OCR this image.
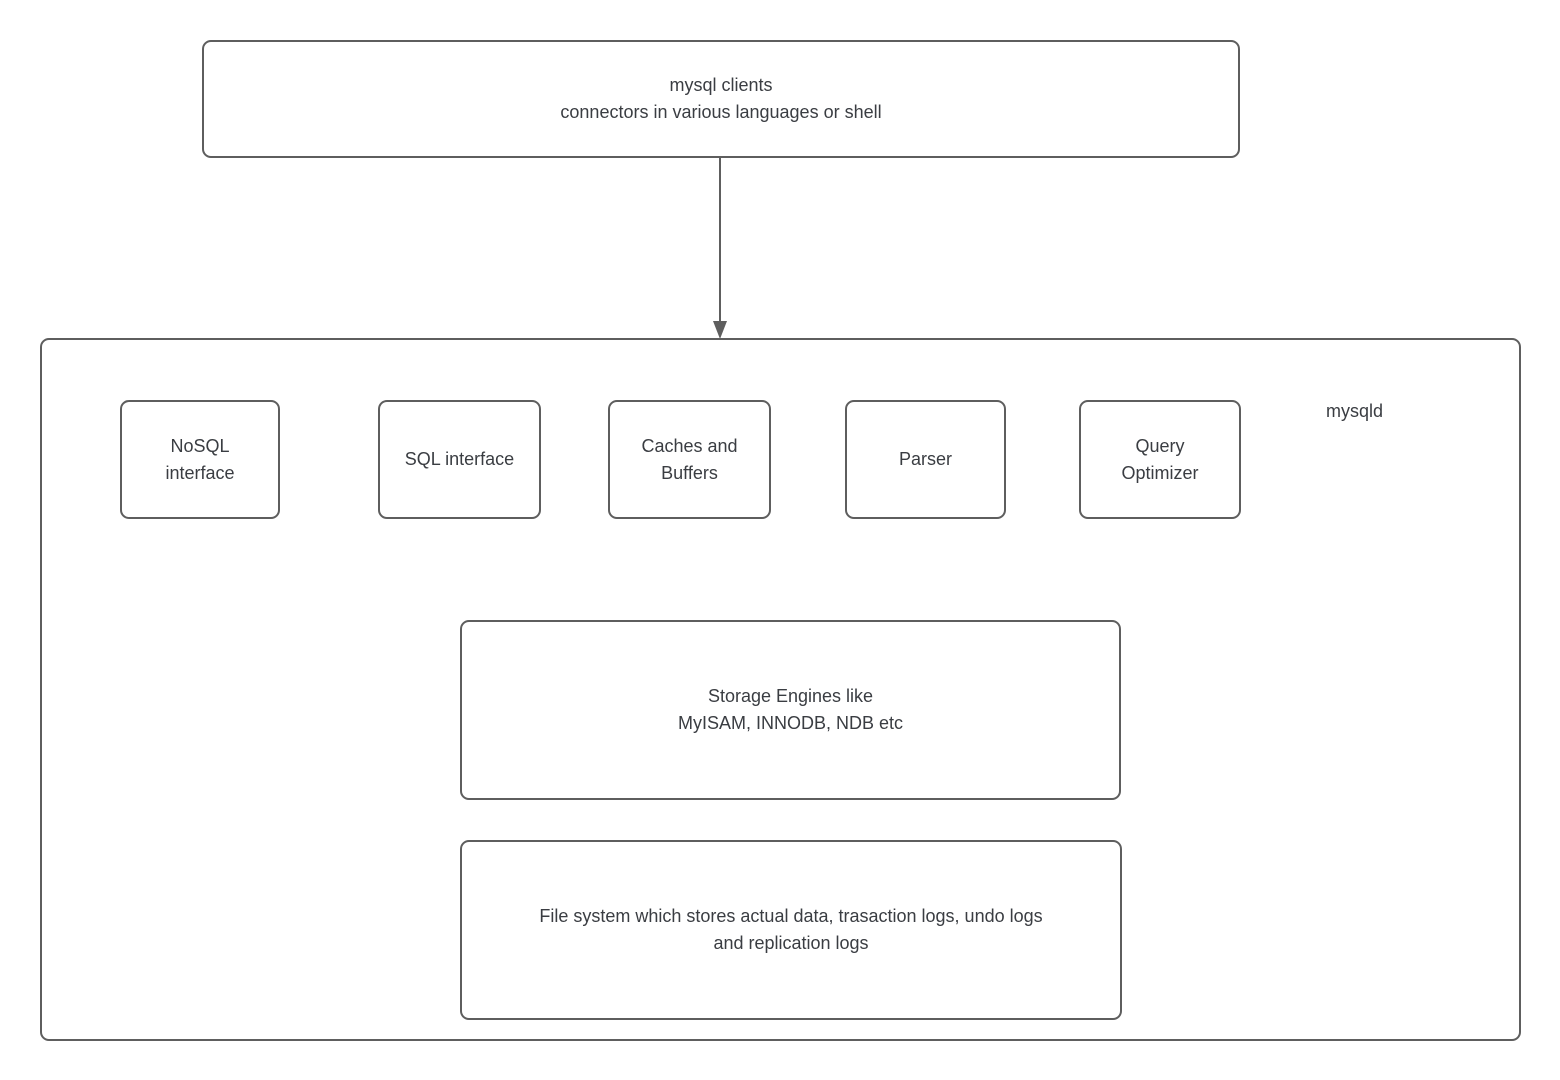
mysql clients
connectors in various languages or shell
mysqld
NoSQL
interface
SQL interface
Caches and
Buffers
Parser
Query
Optimizer
Storage Engines like
MyISAM, INNODB, NDB etc
File system which stores actual data, trasaction logs, undo logs
and replication logs
